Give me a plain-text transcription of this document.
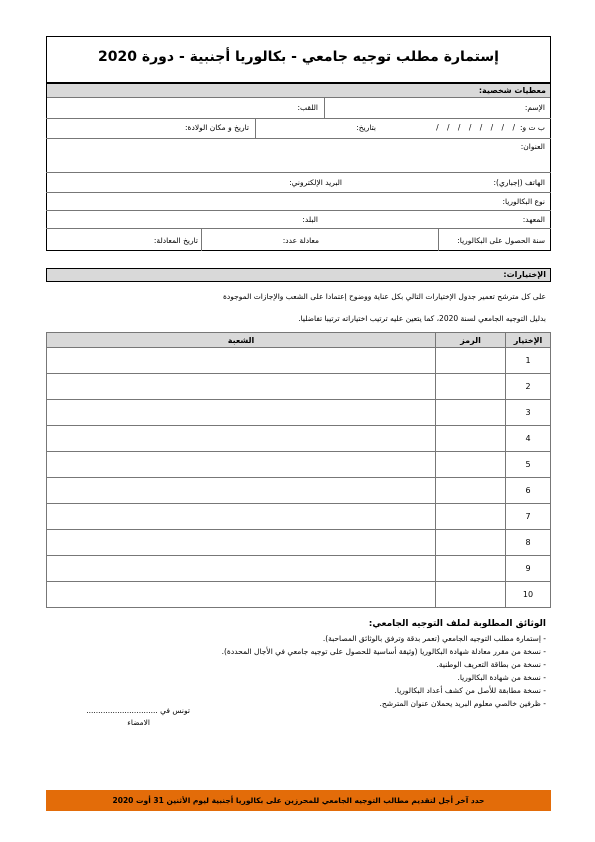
إستمارة مطلب توجيه جامعي - بكالوريا أجنبية - دورة 2020
معطيات شخصية:
الإسم:
اللقب:
ب ت و:
/ / / / / / / /
بتاريخ:
تاريخ و مكان الولادة:
العنوان:
الهاتف (إجباري):
البريد الإلكتروني:
نوع البكالوريا:
المعهد:
البلد:
سنة الحصول على البكالوريا:
معادلة عدد:
تاريخ المعادلة:
الإختيارات:
على كل مترشح تعمير جدول الإختيارات التالي بكل عناية ووضوح إعتمادا على الشعب والإجازات الموجودة
بدليل التوجيه الجامعي لسنة 2020، كما يتعين عليه ترتيب اختياراته ترتيبا تفاضليا.
الإختيار	الرمز	الشعبة
1		
2		
3		
4		
5		
6		
7		
8		
9		
10		
الوثائق المطلوبة لملف التوجيه الجامعي:
- إستمارة مطلب التوجيه الجامعي (تعمر بدقة وترفق بالوثائق المصاحبة).
- نسخة من مقرر معادلة شهادة البكالوريا (وثيقة أساسية للحصول على توجيه جامعي في الأجال المحددة).
- نسخة من بطاقة التعريف الوطنية.
- نسخة من شهادة البكالوريا.
- نسخة مطابقة للأصل من كشف أعداد البكالوريا.
- ظرفين خالصي معلوم البريد يحملان عنوان المترشح.
تونس في ..............................
الامضاء
حدد آخر أجل لتقديم مطالب التوجيه الجامعي للمحرزين على بكالوريا أجنبية ليوم الأثنين 31 أوت 2020
